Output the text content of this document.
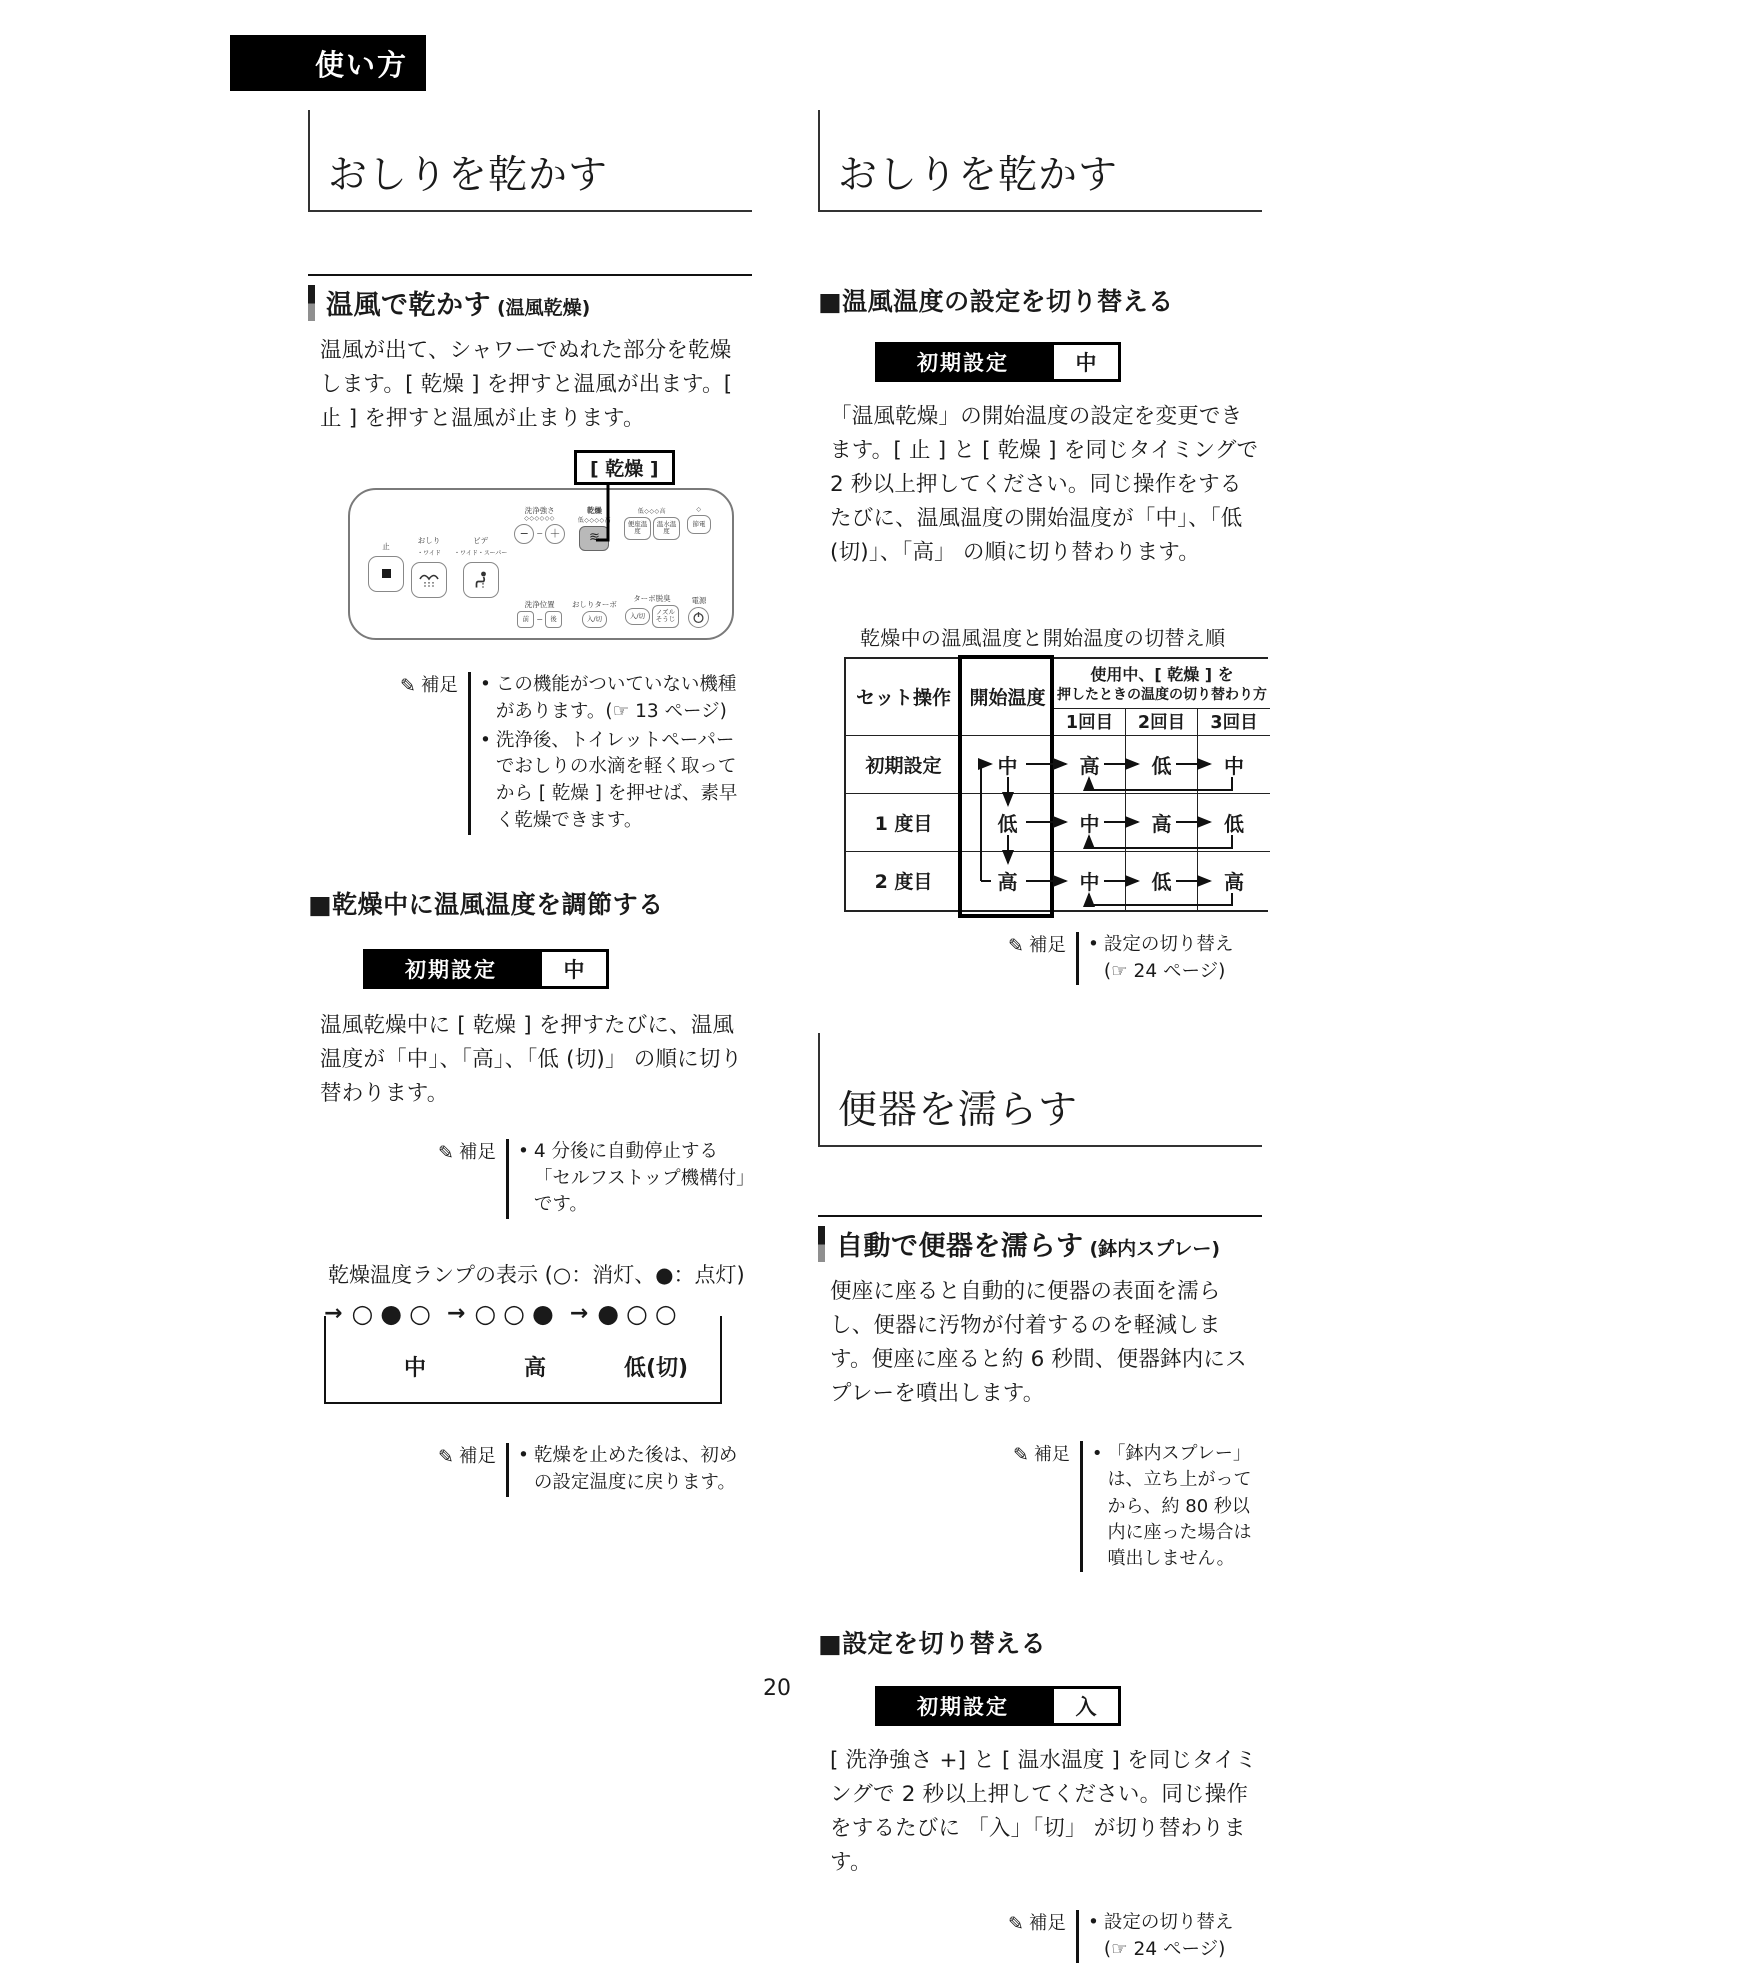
使い方
おしりを乾かす
温風で乾かす (温風乾燥)
温風が出て、シャワーでぬれた部分を乾燥します。[ 乾燥 ] を押すと温風が出ます。[ 止 ] を押すと温風が止まります。
[ 乾燥 ]
止
おしり
・ワイド
ビデ
・ワイド・スーパー
洗浄強さ
◇◇◇◇◇◇
− − ＋
洗浄位置
前 −	後
乾燥
低◇◇◇◇高
≋
おしりターボ
入/切
低◇◇◇高
便座温度
温水温度
ターボ脱臭
入/切	ノズル そうじ
◇
節電
電源
✎ 補足 • この機能がついていない機種があります。(☞ 13 ページ)
• 洗浄後、トイレットペーパーでおしりの水滴を軽く取ってから [ 乾燥 ] を押せば、素早く乾燥できます。
■乾燥中に温風温度を調節する
初期設定	中
温風乾燥中に [ 乾燥 ] を押すたびに、温風温度が「中」、「高」、「低 (切)」 の順に切り替わります。
✎ 補足 • 4 分後に自動停止する「セルフストップ機構付」です。
乾燥温度ランプの表示 (○：消灯、●：点灯)
→ ○●○ → ○○● → ●○○
中	高	低(切)
✎ 補足 • 乾燥を止めた後は、初めの設定温度に戻ります。
おしりを乾かす
■温風温度の設定を切り替える
初期設定	中
「温風乾燥」の開始温度の設定を変更できます。[ 止 ] と [ 乾燥 ] を同じタイミングで 2 秒以上押してください。同じ操作をするたびに、温風温度の開始温度が「中」、「低 (切)」、「高」 の順に切り替わります。
乾燥中の温風温度と開始温度の切替え順
セット操作 開始温度
使用中、[ 乾燥 ] を
押したときの温度の切り替わり方
1回目	2回目	3回目
初期設定	中	高	低	中
1 度目	低	中	高	低
2 度目	高	中	低	高
✎ 補足 • 設定の切り替え (☞ 24 ページ)
便器を濡らす
自動で便器を濡らす (鉢内スプレー)
便座に座ると自動的に便器の表面を濡らし、便器に汚物が付着するのを軽減します。便座に座ると約 6 秒間、便器鉢内にスプレーを噴出します。
✎ 補足 • 「鉢内スプレー」は、立ち上がってから、約 80 秒以内に座った場合は噴出しません。
■設定を切り替える
初期設定	入
[ 洗浄強さ +] と [ 温水温度 ] を同じタイミングで 2 秒以上押してください。同じ操作をするたびに 「入」「切」 が切り替わります。
✎ 補足 • 設定の切り替え (☞ 24 ページ)
20
